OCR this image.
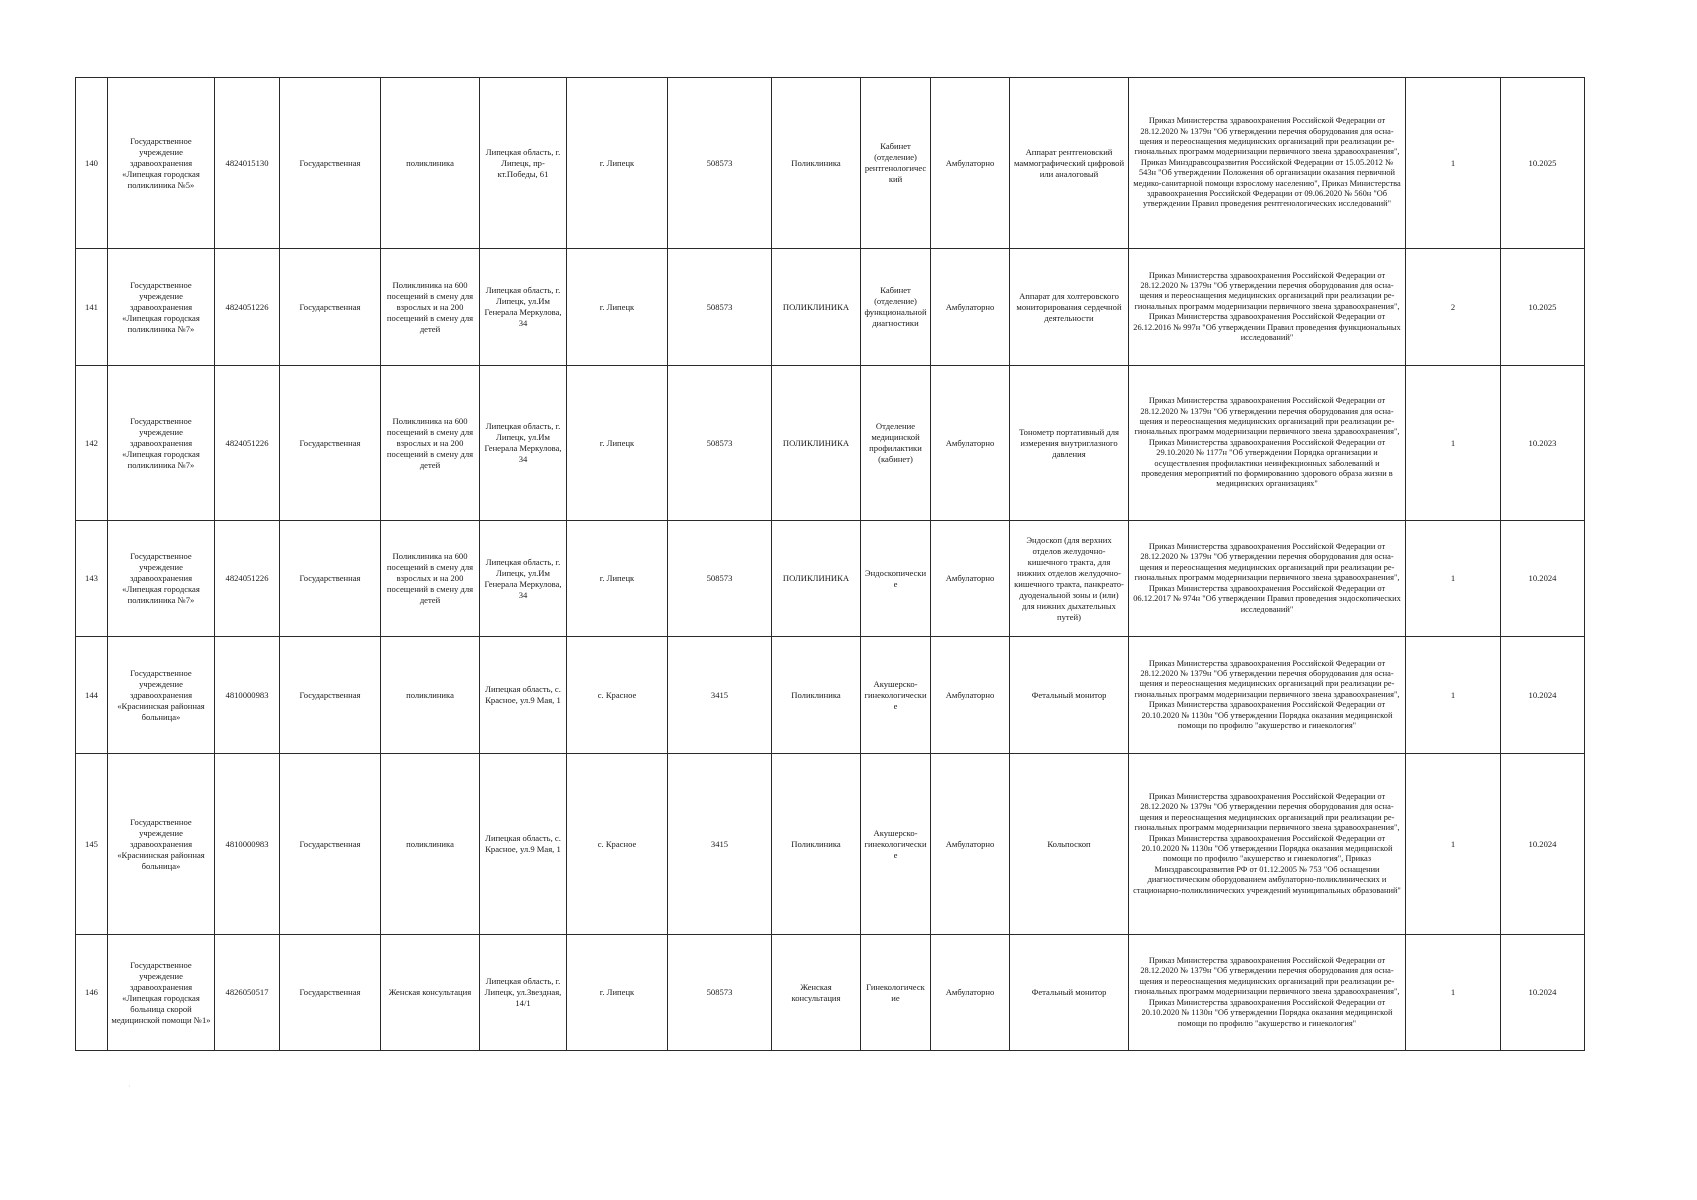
140	Государственное учреждение здравоохранения «Липецкая городская поликлиника №5»	4824015130	Государственная	поликлиника	Липецкая область, г. Липецк, пр-кт.Победы, 61	г. Липецк	508573	Поликлиника	Кабинет (отделение) рентгенологический	Амбулаторно	Аппарат рентгеновский маммографический цифровой или аналоговый	Приказ Министерства здравоохранения Российской Федерации от 28.12.2020 № 1379н "Об утверждении перечня оборудования для осна-щения и переоснащения медицинских организаций при реализации ре-гиональных программ модернизации первичного звена здравоохранения", Приказ Минздравсоцразвития Российской Федерации от 15.05.2012 № 543н "Об утверждении Положения об организации оказания первичной медико-санитарной помощи взрослому населению", Приказ Министерства здравоохранения Российской Федерации от 09.06.2020 № 560н "Об утверждении Правил проведения рентгенологических исследований"	1	10.2025
141	Государственное учреждение здравоохранения «Липецкая городская поликлиника №7»	4824051226	Государственная	Поликлиника на 600 посещений в смену для взрослых и на 200 посещений в смену для детей	Липецкая область, г. Липецк, ул.Им Генерала Меркулова, 34	г. Липецк	508573	ПОЛИКЛИНИКА	Кабинет (отделение) функциональной диагностики	Амбулаторно	Аппарат для холтеровского мониторирования сердечной деятельности	Приказ Министерства здравоохранения Российской Федерации от 28.12.2020 № 1379н "Об утверждении перечня оборудования для осна-щения и переоснащения медицинских организаций при реализации ре-гиональных программ модернизации первичного звена здравоохранения", Приказ Министерства здравоохранения Российской Федерации от 26.12.2016 № 997н "Об утверждении Правил проведения функциональных исследований"	2	10.2025
142	Государственное учреждение здравоохранения «Липецкая городская поликлиника №7»	4824051226	Государственная	Поликлиника на 600 посещений в смену для взрослых и на 200 посещений в смену для детей	Липецкая область, г. Липецк, ул.Им Генерала Меркулова, 34	г. Липецк	508573	ПОЛИКЛИНИКА	Отделение медицинской профилактики (кабинет)	Амбулаторно	Тонометр портативный для измерения внутриглазного давления	Приказ Министерства здравоохранения Российской Федерации от 28.12.2020 № 1379н "Об утверждении перечня оборудования для осна-щения и переоснащения медицинских организаций при реализации ре-гиональных программ модернизации первичного звена здравоохранения", Приказ Министерства здравоохранения Российской Федерации от 29.10.2020 № 1177н "Об утверждении Порядка организации и осуществления профилактики неинфекционных заболеваний и проведения мероприятий по формированию здорового образа жизни в медицинских организациях"	1	10.2023
143	Государственное учреждение здравоохранения «Липецкая городская поликлиника №7»	4824051226	Государственная	Поликлиника на 600 посещений в смену для взрослых и на 200 посещений в смену для детей	Липецкая область, г. Липецк, ул.Им Генерала Меркулова, 34	г. Липецк	508573	ПОЛИКЛИНИКА	Эндоскопические	Амбулаторно	Эндоскоп (для верхних отделов желудочно-кишечного тракта, для нижних отделов желудочно-кишечного тракта, панкреато-дуоденальной зоны и (или) для нижних дыхательных путей)	Приказ Министерства здравоохранения Российской Федерации от 28.12.2020 № 1379н "Об утверждении перечня оборудования для осна-щения и переоснащения медицинских организаций при реализации ре-гиональных программ модернизации первичного звена здравоохранения", Приказ Министерства здравоохранения Российской Федерации от 06.12.2017 № 974н "Об утверждении Правил проведения эндоскопических исследований"	1	10.2024
144	Государственное учреждение здравоохранения «Краснинская районная больница»	4810000983	Государственная	поликлиника	Липецкая область, с. Красное, ул.9 Мая, 1	с. Красное	3415	Поликлиника	Акушерско-гинекологические	Амбулаторно	Фетальный монитор	Приказ Министерства здравоохранения Российской Федерации от 28.12.2020 № 1379н "Об утверждении перечня оборудования для осна-щения и переоснащения медицинских организаций при реализации ре-гиональных программ модернизации первичного звена здравоохранения", Приказ Министерства здравоохранения Российской Федерации от 20.10.2020 № 1130н "Об утверждении Порядка оказания медицинской помощи по профилю "акушерство и гинекология"	1	10.2024
145	Государственное учреждение здравоохранения «Краснинская районная больница»	4810000983	Государственная	поликлиника	Липецкая область, с. Красное, ул.9 Мая, 1	с. Красное	3415	Поликлиника	Акушерско-гинекологические	Амбулаторно	Кольпоскоп	Приказ Министерства здравоохранения Российской Федерации от 28.12.2020 № 1379н "Об утверждении перечня оборудования для осна-щения и переоснащения медицинских организаций при реализации ре-гиональных программ модернизации первичного звена здравоохранения", Приказ Министерства здравоохранения Российской Федерации от 20.10.2020 № 1130н "Об утверждении Порядка оказания медицинской помощи по профилю "акушерство и гинекология", Приказ Минздравсоцразвития РФ от 01.12.2005 № 753 "Об оснащении диагностическим оборудованием амбулаторно-поликлинических и стационарно-поликлинических учреждений муниципальных образований"	1	10.2024
146	Государственное учреждение здравоохранения «Липецкая городская больница скорой медицинской помощи №1»	4826050517	Государственная	Женская консультация	Липецкая область, г. Липецк, ул.Звездная, 14/1	г. Липецк	508573	Женская консультация	Гинекологические	Амбулаторно	Фетальный монитор	Приказ Министерства здравоохранения Российской Федерации от 28.12.2020 № 1379н "Об утверждении перечня оборудования для осна-щения и переоснащения медицинских организаций при реализации ре-гиональных программ модернизации первичного звена здравоохранения", Приказ Министерства здравоохранения Российской Федерации от 20.10.2020 № 1130н "Об утверждении Порядка оказания медицинской помощи по профилю "акушерство и гинекология"	1	10.2024
·
